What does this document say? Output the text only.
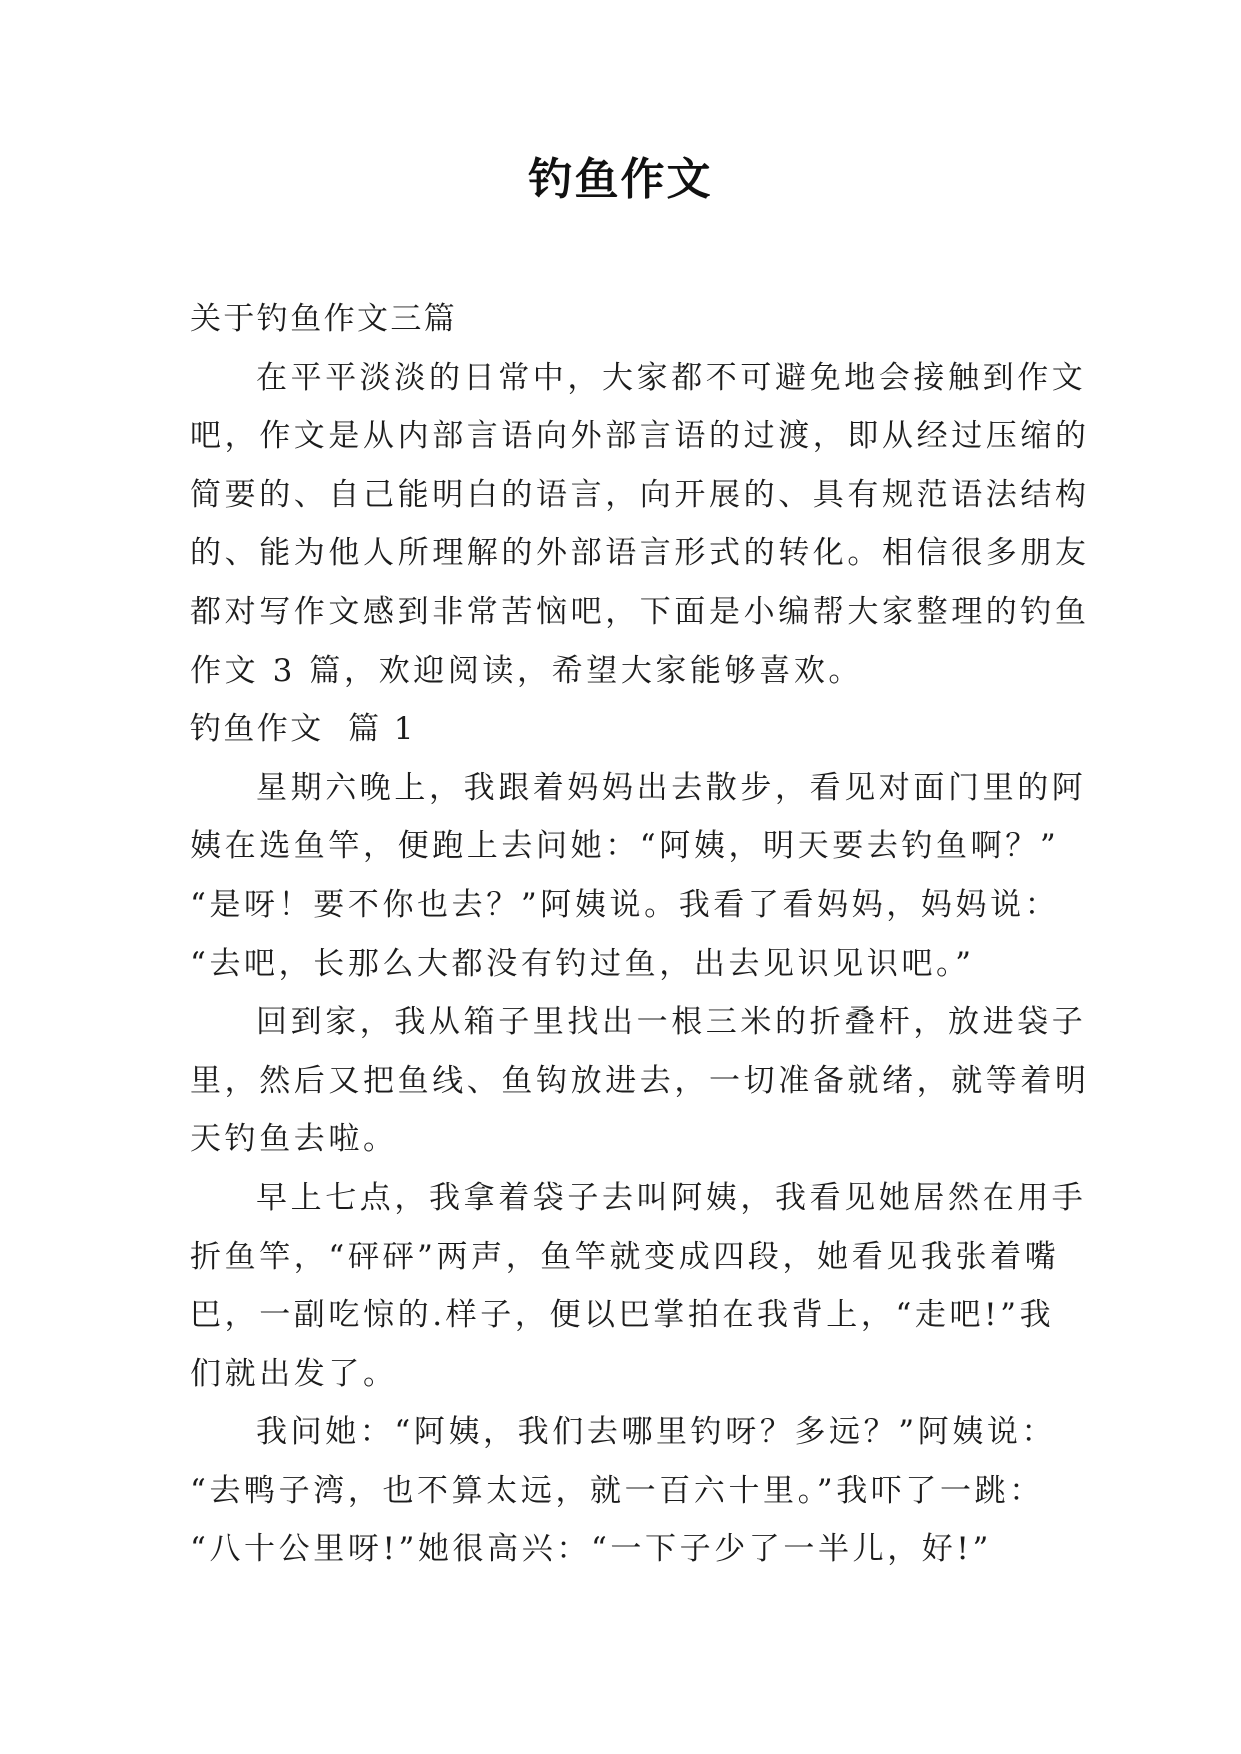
钓鱼作文
关于钓鱼作文三篇
在平平淡淡的日常中，大家都不可避免地会接触到作文
吧，作文是从内部言语向外部言语的过渡，即从经过压缩的
简要的、自己能明白的语言，向开展的、具有规范语法结构
的、能为他人所理解的外部语言形式的转化。相信很多朋友
都对写作文感到非常苦恼吧，下面是小编帮大家整理的钓鱼
作文 3 篇，欢迎阅读，希望大家能够喜欢。
钓鱼作文  篇 1
星期六晚上，我跟着妈妈出去散步，看见对面门里的阿
姨在选鱼竿，便跑上去问她：“阿姨，明天要去钓鱼啊？”
“是呀！要不你也去？”阿姨说。我看了看妈妈，妈妈说：
“去吧，长那么大都没有钓过鱼，出去见识见识吧。”
回到家，我从箱子里找出一根三米的折叠杆，放进袋子
里，然后又把鱼线、鱼钩放进去，一切准备就绪，就等着明
天钓鱼去啦。
早上七点，我拿着袋子去叫阿姨，我看见她居然在用手
折鱼竿，“砰砰”两声，鱼竿就变成四段，她看见我张着嘴
巴，一副吃惊的.样子，便以巴掌拍在我背上，“走吧!”我
们就出发了。
我问她：“阿姨，我们去哪里钓呀？多远？”阿姨说：
“去鸭子湾，也不算太远，就一百六十里。”我吓了一跳：
“八十公里呀!”她很高兴：“一下子少了一半儿，好!”
